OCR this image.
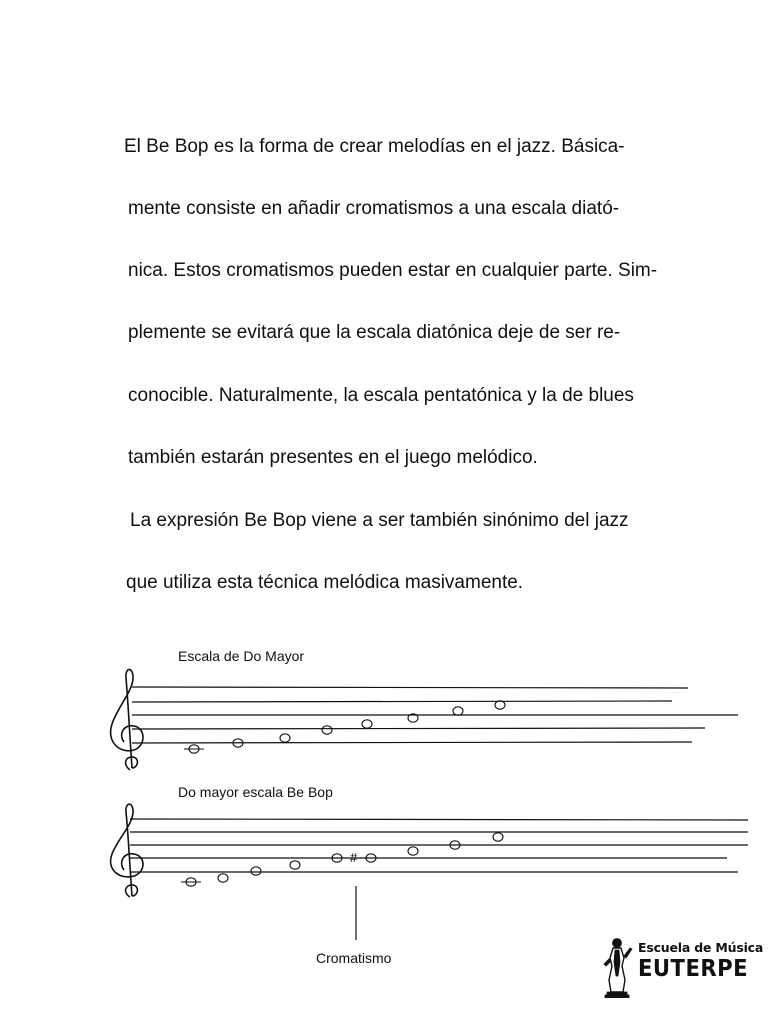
El Be Bop es la forma de crear melodías en el jazz. Básica-
mente consiste en añadir cromatismos a una escala diató-
nica. Estos cromatismos pueden estar en cualquier parte. Sim-
plemente se evitará que la escala diatónica deje de ser re-
conocible. Naturalmente, la escala pentatónica y la de blues
también estarán presentes en el juego melódico.
La expresión Be Bop viene a ser también sinónimo del jazz
que utiliza esta técnica melódica masivamente.
Escala de Do Mayor
Do mayor escala Be Bop
#
Cromatismo
Escuela de Música
EUTERPE
